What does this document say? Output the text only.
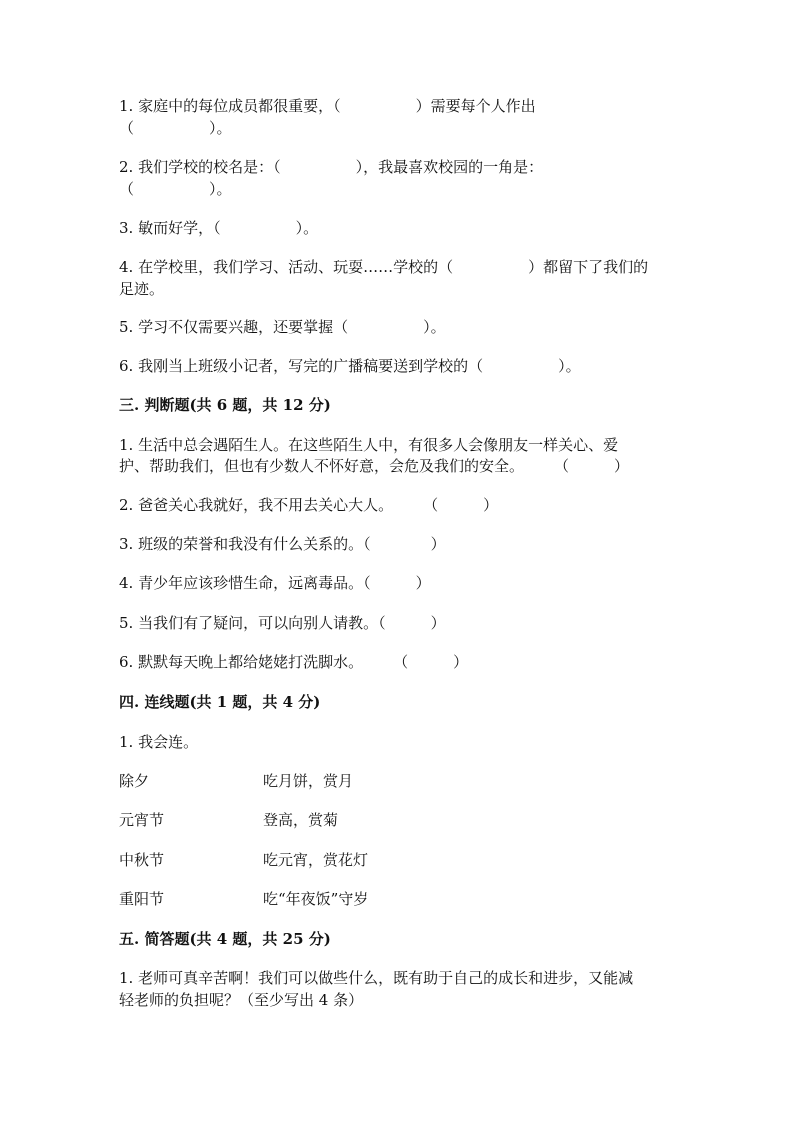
1. 家庭中的每位成员都很重要，（　　　　　）需要每个人作出

（　　　　　）。

2. 我们学校的校名是：（　　　　　），我最喜欢校园的一角是：

（　　　　　）。

3. 敏而好学，（　　　　　）。

4. 在学校里，我们学习、活动、玩耍……学校的（　　　　　）都留下了我们的

足迹。

5. 学习不仅需要兴趣，还要掌握（　　　　　）。

6. 我刚当上班级小记者，写完的广播稿要送到学校的（　　　　　）。

三. 判断题(共 6 题，共 12 分)

1. 生活中总会遇陌生人。在这些陌生人中，有很多人会像朋友一样关心、爱

护、帮助我们，但也有少数人不怀好意，会危及我们的安全。　　　（　　　）

2. 爸爸关心我就好，我不用去关心大人。　　　（　　　）

3. 班级的荣誉和我没有什么关系的。（　　　　）

4. 青少年应该珍惜生命，远离毒品。（　　　）

5. 当我们有了疑问，可以向别人请教。（　　　）

6. 默默每天晚上都给姥姥打洗脚水。　　　（　　　）

四. 连线题(共 1 题，共 4 分)

1. 我会连。

除夕	吃月饼，赏月

元宵节	登高，赏菊

中秋节	吃元宵，赏花灯

重阳节	吃“年夜饭”守岁

五. 简答题(共 4 题，共 25 分)

1. 老师可真辛苦啊！我们可以做些什么，既有助于自己的成长和进步，又能减

轻老师的负担呢？（至少写出 4 条）
